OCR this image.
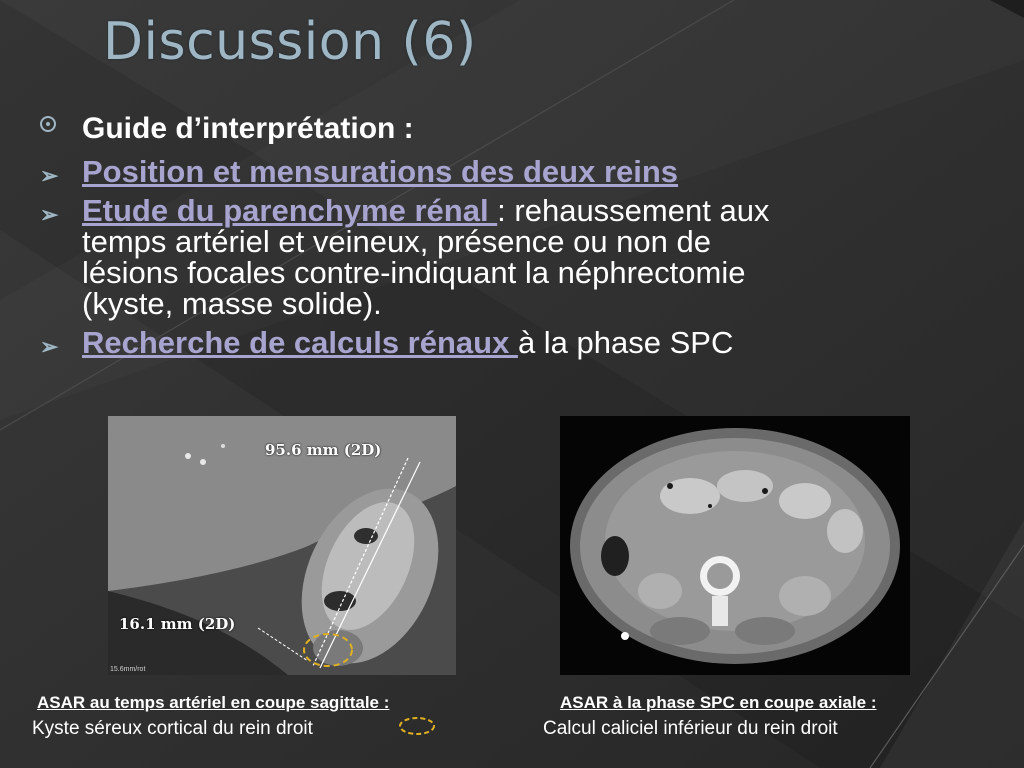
Discussion (6)
Guide d’interprétation :
➢ Position et mensurations des deux reins
➢ Etude du parenchyme rénal : rehaussement aux
temps artériel et veineux, présence ou non de
lésions focales contre-indiquant la néphrectomie
(kyste, masse solide).
➢ Recherche de calculs rénaux à la phase SPC
95.6 mm (2D)
16.1 mm (2D)
15.6mm/rot
ASAR au temps artériel en coupe sagittale :
Kyste séreux cortical du rein droit
ASAR à la phase SPC en coupe axiale :
Calcul caliciel inférieur du rein droit
